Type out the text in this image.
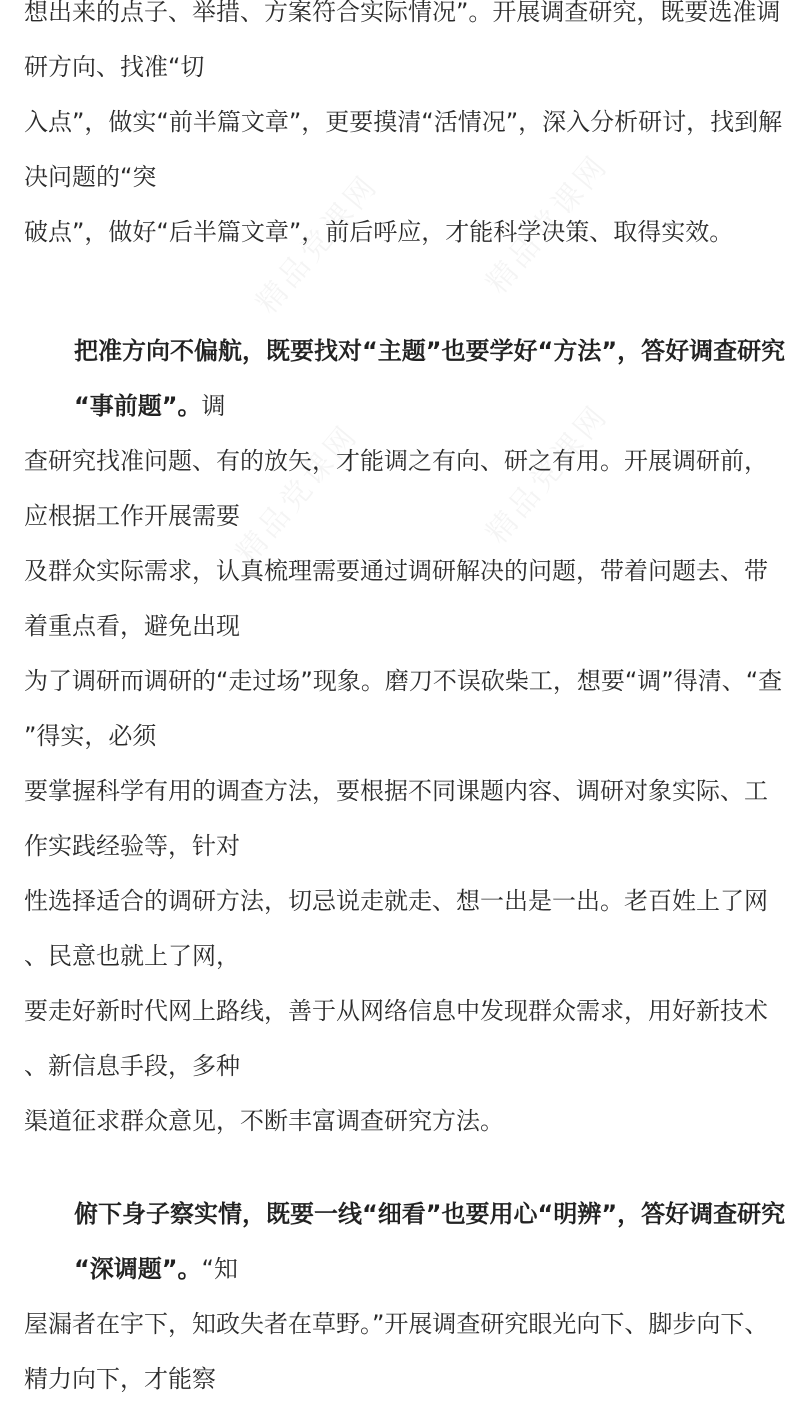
想出来的点子、举措、方案符合实际情况”。开展调查研究，既要选准调研方向、找准“切
入点”，做实“前半篇文章”，更要摸清“活情况”，深入分析研讨，找到解决问题的“突
破点”，做好“后半篇文章”，前后呼应，才能科学决策、取得实效。
把准方向不偏航，既要找对“主题”也要学好“方法”，答好调查研究“事前题”。调
查研究找准问题、有的放矢，才能调之有向、研之有用。开展调研前，应根据工作开展需要
及群众实际需求，认真梳理需要通过调研解决的问题，带着问题去、带着重点看，避免出现
为了调研而调研的“走过场”现象。磨刀不误砍柴工，想要“调”得清、“查”得实，必须
要掌握科学有用的调查方法，要根据不同课题内容、调研对象实际、工作实践经验等，针对
性选择适合的调研方法，切忌说走就走、想一出是一出。老百姓上了网、民意也就上了网，
要走好新时代网上路线，善于从网络信息中发现群众需求，用好新技术、新信息手段，多种
渠道征求群众意见，不断丰富调查研究方法。
俯下身子察实情，既要一线“细看”也要用心“明辨”，答好调查研究“深调题”。“知
屋漏者在宇下，知政失者在草野。”开展调查研究眼光向下、脚步向下、精力向下，才能察
